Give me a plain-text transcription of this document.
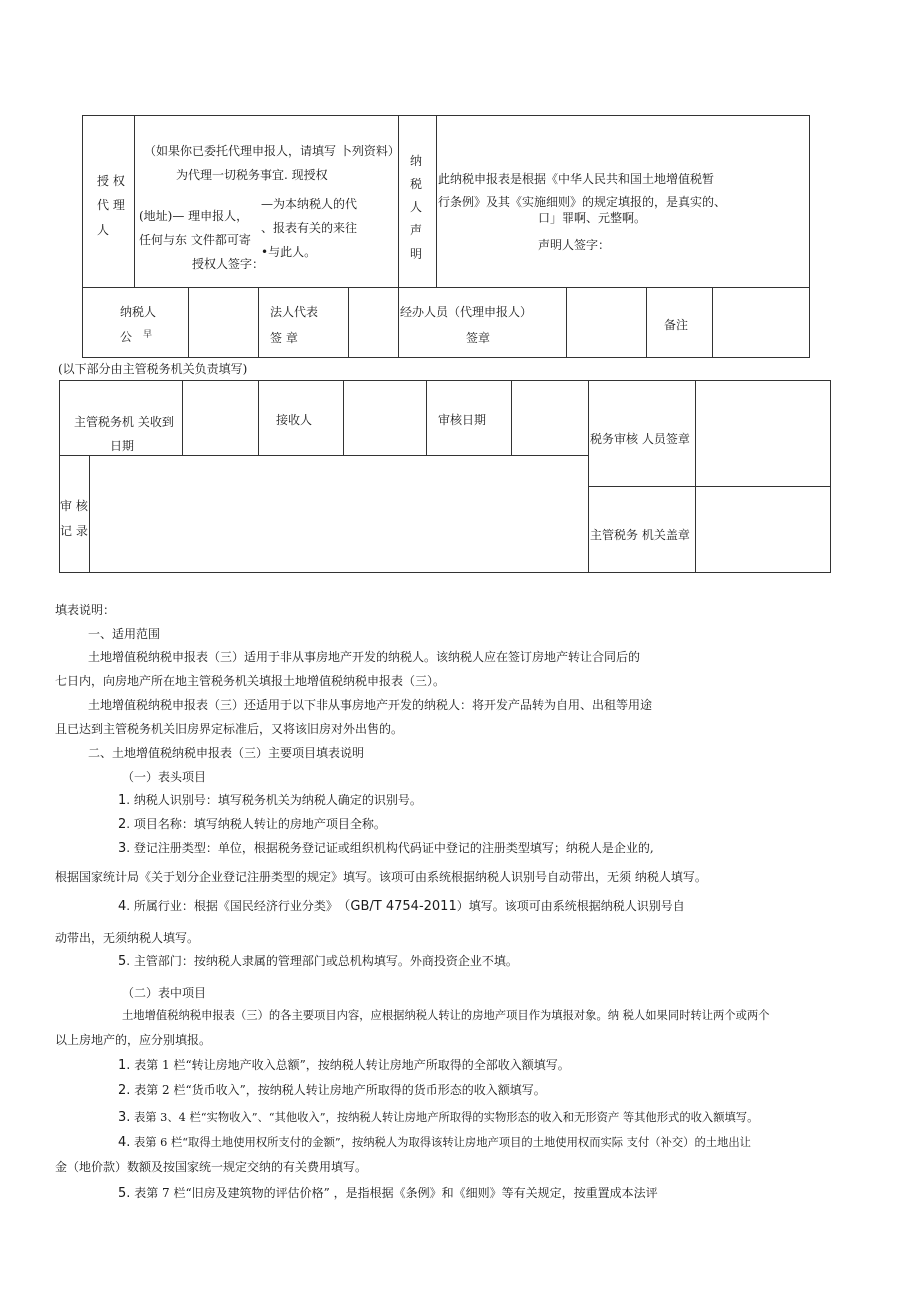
授 权
代 理
人
（如果你已委托代理申报人，请填写 卜列资料）
为代理一切税务事宜. 现授权
(地址)— 理申报人，
任何与东 文件都可寄
—为本纳税人的代
、报表有关的来往
•与此人。
授权人签字：
纳
税
人
声
明
此纳税申报表是根据《中华人民共和国土地增值税暂
行条例》及其《实施细则》的规定填报的，是真实的、
口」罪啊、元整啊。
声明人签字：
纳税人
公 早
法人代表
签 章
经办人员（代理申报人）
签章
备注
(以下部分由主管税务机关负责填写)
主管税务机 关收到
日期
接收人	审核日期
税务审核 人员签章
审 核
记 录	主管税务 机关盖章
填表说明：
一、适用范围
土地增值税纳税申报表（三）适用于非从事房地产开发的纳税人。该纳税人应在签订房地产转让合同后的
七日内，向房地产所在地主管税务机关填报土地增值税纳税申报表（三）。
土地增值税纳税申报表（三）还适用于以下非从事房地产开发的纳税人：将开发产品转为自用、出租等用途
且已达到主管税务机关旧房界定标准后，又将该旧房对外出售的。
二、土地增值税纳税申报表（三）主要项目填表说明
（一）表头项目
1. 纳税人识别号：填写税务机关为纳税人确定的识别号。
2. 项目名称：填写纳税人转让的房地产项目全称。
3. 登记注册类型：单位，根据税务登记证或组织机构代码证中登记的注册类型填写；纳税人是企业的,
根据国家统计局《关于划分企业登记注册类型的规定》填写。该项可由系统根据纳税人识别号自动带出，无须 纳税人填写。
4. 所属行业：根据《国民经济行业分类》 （GB/T 4754-2011）填写。该项可由系统根据纳税人识别号自
动带出，无须纳税人填写。
5. 主管部门：按纳税人隶属的管理部门或总机构填写。外商投资企业不填。
（二）表中项目
土地增值税纳税申报表（三）的各主要项目内容，应根据纳税人转让的房地产项目作为填报对象。纳 税人如果同时转让两个或两个
以上房地产的，应分别填报。
1. 表第 1 栏“转让房地产收入总额”，按纳税人转让房地产所取得的全部收入额填写。
2. 表第 2 栏“货币收入”，按纳税人转让房地产所取得的货币形态的收入额填写。
3. 表第 3、4 栏“实物收入”、“其他收入”，按纳税人转让房地产所取得的实物形态的收入和无形资产 等其他形式的收入额填写。
4. 表第 6 栏“取得土地使用权所支付的金额”，按纳税人为取得该转让房地产项目的土地使用权而实际 支付（补交）的土地出让
金（地价款）数额及按国家统一规定交纳的有关费用填写。
5. 表第 7 栏“旧房及建筑物的评估价格” ，是指根据《条例》和《细则》等有关规定，按重置成本法评
